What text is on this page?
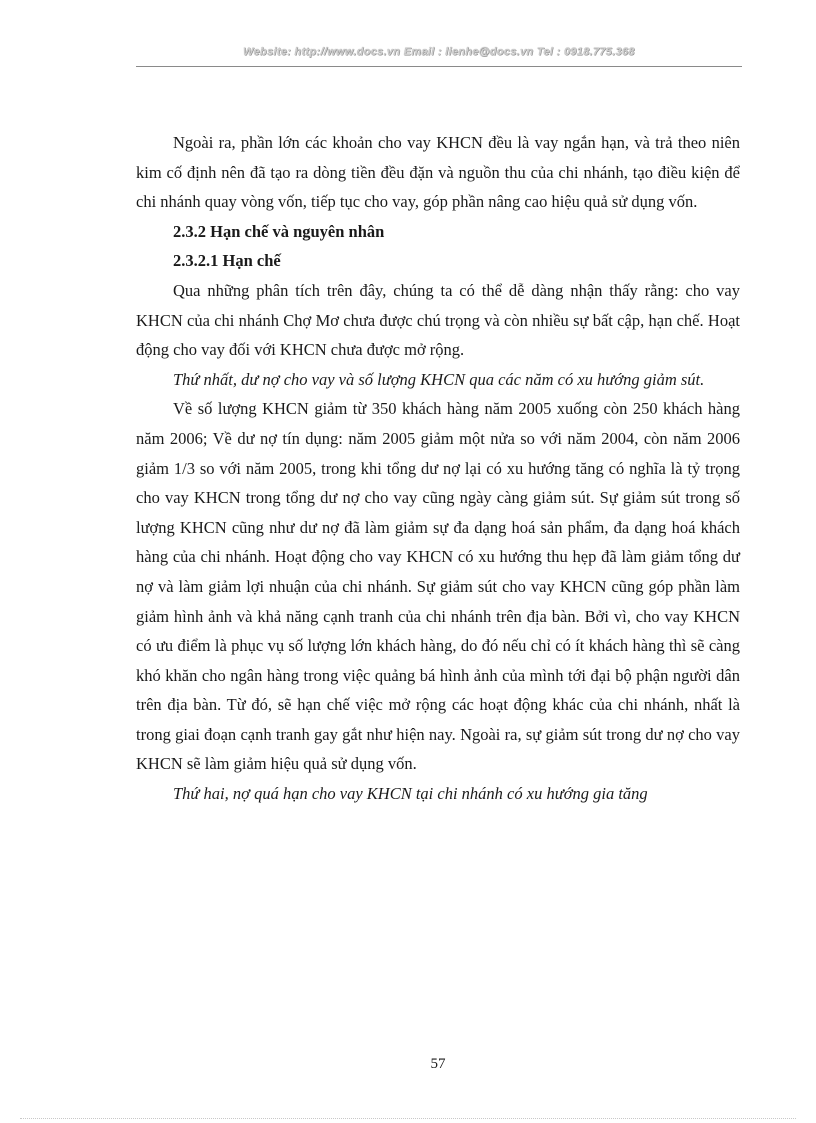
Website: http://www.docs.vn Email : lienhe@docs.vn Tel : 0918.775.368

Ngoài ra, phần lớn các khoản cho vay KHCN đều là vay ngắn hạn, và trả theo niên kim cố định nên đã tạo ra dòng tiền đều đặn và nguồn thu của chi nhánh, tạo điều kiện để chi nhánh quay vòng vốn, tiếp tục cho vay, góp phần nâng cao hiệu quả sử dụng vốn.

2.3.2 Hạn chế và nguyên nhân

2.3.2.1 Hạn chế

Qua những phân tích trên đây, chúng ta có thể dễ dàng nhận thấy rằng: cho vay KHCN của chi nhánh Chợ Mơ chưa được chú trọng và còn nhiều sự bất cập, hạn chế. Hoạt động cho vay đối với KHCN chưa được mở rộng.

Thứ nhất, dư nợ cho vay và số lượng KHCN qua các năm có xu hướng giảm sút.

Về số lượng KHCN giảm từ 350 khách hàng năm 2005 xuống còn 250 khách hàng năm 2006; Về dư nợ tín dụng: năm 2005 giảm một nửa so với năm 2004, còn năm 2006 giảm 1/3 so với năm 2005, trong khi tổng dư nợ lại có xu hướng tăng có nghĩa là tỷ trọng cho vay KHCN trong tổng dư nợ cho vay cũng ngày càng giảm sút. Sự giảm sút trong số lượng KHCN cũng như dư nợ đã làm giảm sự đa dạng hoá sản phẩm, đa dạng hoá khách hàng của chi nhánh. Hoạt động cho vay KHCN có xu hướng thu hẹp đã làm giảm tổng dư nợ và làm giảm lợi nhuận của chi nhánh. Sự giảm sút cho vay KHCN cũng góp phần làm giảm hình ảnh và khả năng cạnh tranh của chi nhánh trên địa bàn. Bởi vì, cho vay KHCN có ưu điểm là phục vụ số lượng lớn khách hàng, do đó nếu chỉ có ít khách hàng thì sẽ càng khó khăn cho ngân hàng trong việc quảng bá hình ảnh của mình tới đại bộ phận người dân trên địa bàn. Từ đó, sẽ hạn chế việc mở rộng các hoạt động khác của chi nhánh, nhất là trong giai đoạn cạnh tranh gay gắt như hiện nay. Ngoài ra, sự giảm sút trong dư nợ cho vay KHCN sẽ làm giảm hiệu quả sử dụng vốn.

Thứ hai, nợ quá hạn cho vay KHCN tại chi nhánh có xu hướng gia tăng

57
